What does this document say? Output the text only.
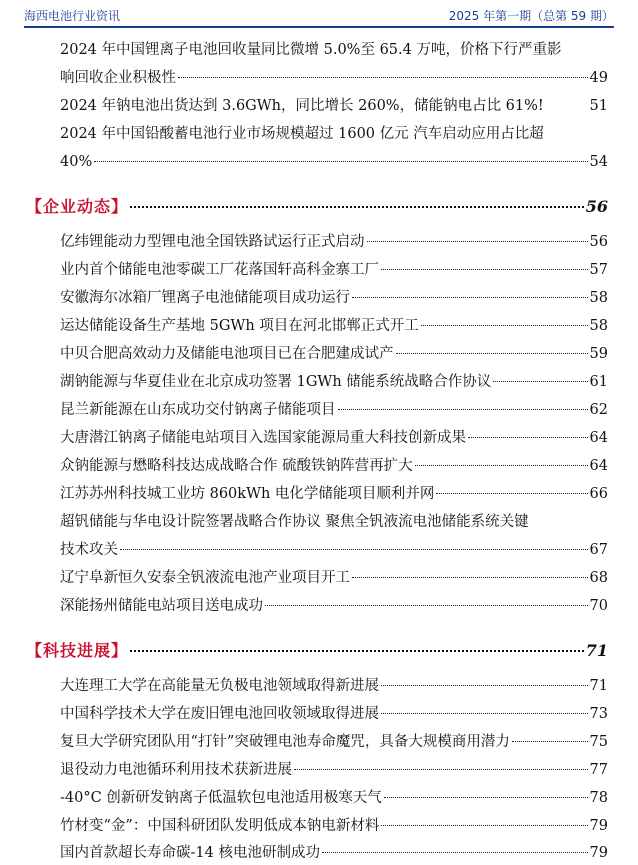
海西电池行业资讯	2025 年第一期（总第 59 期）
2024 年中国锂离子电池回收量同比微增 5.0%至 65.4 万吨，价格下行严重影
响回收企业积极性	49
2024 年钠电池出货达到 3.6GWh，同比增长 260%，储能钠电占比 61%!	51
2024 年中国铅酸蓄电池行业市场规模超过 1600 亿元 汽车启动应用占比超
40%	54
【企业动态】	56
亿纬锂能动力型锂电池全国铁路试运行正式启动	56
业内首个储能电池零碳工厂花落国轩高科金寨工厂	57
安徽海尔冰箱厂锂离子电池储能项目成功运行	58
运达储能设备生产基地 5GWh 项目在河北邯郸正式开工	58
中贝合肥高效动力及储能电池项目已在合肥建成试产	59
湖钠能源与华夏佳业在北京成功签署 1GWh 储能系统战略合作协议	61
昆兰新能源在山东成功交付钠离子储能项目	62
大唐潜江钠离子储能电站项目入选国家能源局重大科技创新成果	64
众钠能源与懋略科技达成战略合作 硫酸铁钠阵营再扩大	64
江苏苏州科技城工业坊 860kWh 电化学储能项目顺利并网	66
超钒储能与华电设计院签署战略合作协议 聚焦全钒液流电池储能系统关键
技术攻关	67
辽宁阜新恒久安泰全钒液流电池产业项目开工	68
深能扬州储能电站项目送电成功	70
【科技进展】	71
大连理工大学在高能量无负极电池领域取得新进展	71
中国科学技术大学在废旧锂电池回收领域取得进展	73
复旦大学研究团队用“打针”突破锂电池寿命魔咒，具备大规模商用潜力	75
退役动力电池循环利用技术获新进展	77
-40°C 创新研发钠离子低温软包电池适用极寒天气	78
竹材变“金”：中国科研团队发明低成本钠电新材料	79
国内首款超长寿命碳-14 核电池研制成功	79
